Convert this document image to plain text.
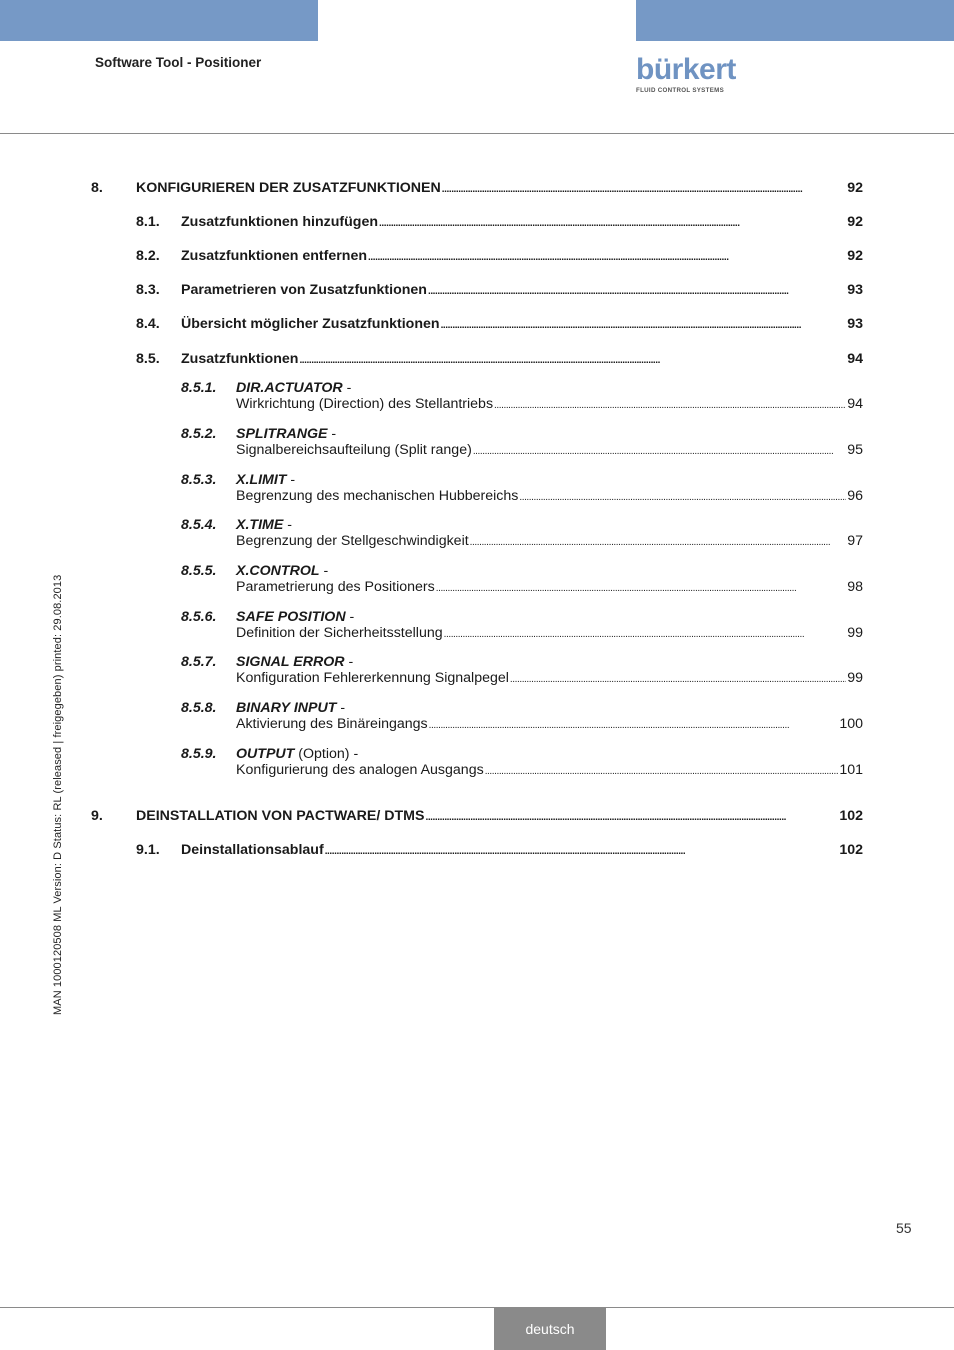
Software Tool - Positioner	bürkert
FLUID CONTROL SYSTEMS
8. KONFIGURIEREN DER ZUSATZFUNKTIONEN . . .	92
8.1. Zusatzfunktionen hinzufügen . . .	92
8.2. Zusatzfunktionen entfernen . . .	92
8.3. Parametrieren von Zusatzfunktionen . . .	93
8.4. Übersicht möglicher Zusatzfunktionen . . .	93
8.5. Zusatzfunktionen . . .	94
8.5.1. DIR.ACTUATOR -
Wirkrichtung (Direction) des Stellantriebs . . .	94
8.5.2. SPLITRANGE -
Signalbereichsaufteilung (Split range) . . .	95
8.5.3. X.LIMIT -
Begrenzung des mechanischen Hubbereichs . . .	96
8.5.4. X.TIME -
Begrenzung der Stellgeschwindigkeit . . .	97
8.5.5. X.CONTROL -
Parametrierung des Positioners . . .	98
8.5.6. SAFE POSITION -
Definition der Sicherheitsstellung . . .	99
8.5.7. SIGNAL ERROR -
Konfiguration Fehlererkennung Signalpegel . . .	99
8.5.8. BINARY INPUT -
Aktivierung des Binäreingangs . . .	100
8.5.9. OUTPUT (Option) -
Konfigurierung des analogen Ausgangs . . .	101
9. DEINSTALLATION VON PACTWARE/ DTMS . . .	102
9.1. Deinstallationsablauf . . .	102
MAN 1000120508 ML Version: D Status: RL (released | freigegeben) printed: 29.08.2013
55
deutsch
